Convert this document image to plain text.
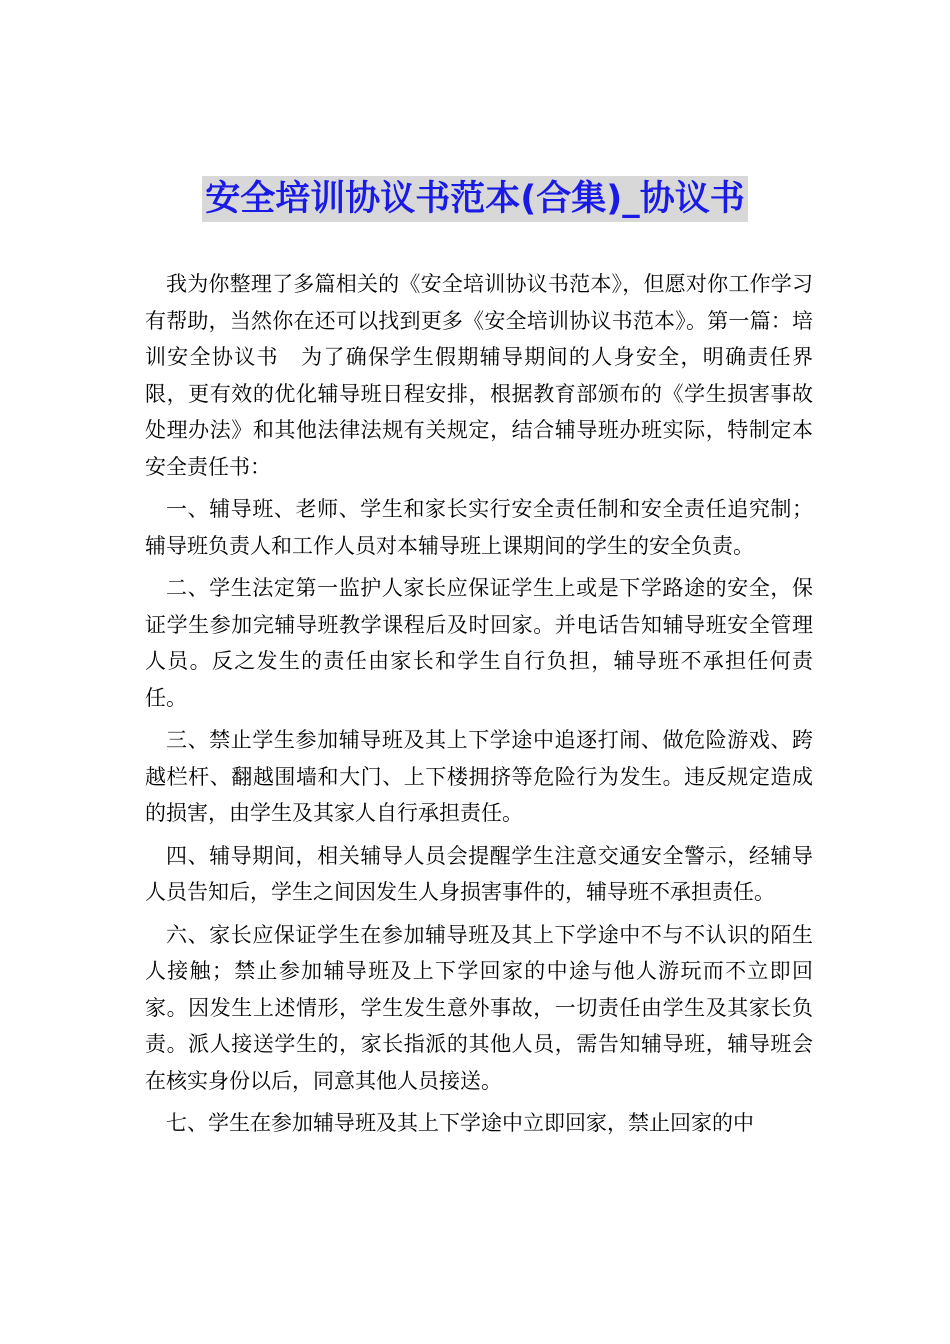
安全培训协议书范本(合集)_协议书

我为你整理了多篇相关的《安全培训协议书范本》，但愿对你工作学习有帮助，当然你在还可以找到更多《安全培训协议书范本》。第一篇：培训安全协议书　为了确保学生假期辅导期间的人身安全，明确责任界限，更有效的优化辅导班日程安排，根据教育部颁布的《学生损害事故处理办法》和其他法律法规有关规定，结合辅导班办班实际，特制定本安全责任书：

一、辅导班、老师、学生和家长实行安全责任制和安全责任追究制；辅导班负责人和工作人员对本辅导班上课期间的学生的安全负责。

二、学生法定第一监护人家长应保证学生上或是下学路途的安全，保证学生参加完辅导班教学课程后及时回家。并电话告知辅导班安全管理人员。反之发生的责任由家长和学生自行负担，辅导班不承担任何责任。

三、禁止学生参加辅导班及其上下学途中追逐打闹、做危险游戏、跨越栏杆、翻越围墙和大门、上下楼拥挤等危险行为发生。违反规定造成的损害，由学生及其家人自行承担责任。

四、辅导期间，相关辅导人员会提醒学生注意交通安全警示，经辅导人员告知后，学生之间因发生人身损害事件的，辅导班不承担责任。

六、家长应保证学生在参加辅导班及其上下学途中不与不认识的陌生人接触；禁止参加辅导班及上下学回家的中途与他人游玩而不立即回家。因发生上述情形，学生发生意外事故，一切责任由学生及其家长负责。派人接送学生的，家长指派的其他人员，需告知辅导班，辅导班会在核实身份以后，同意其他人员接送。

七、学生在参加辅导班及其上下学途中立即回家，禁止回家的中
